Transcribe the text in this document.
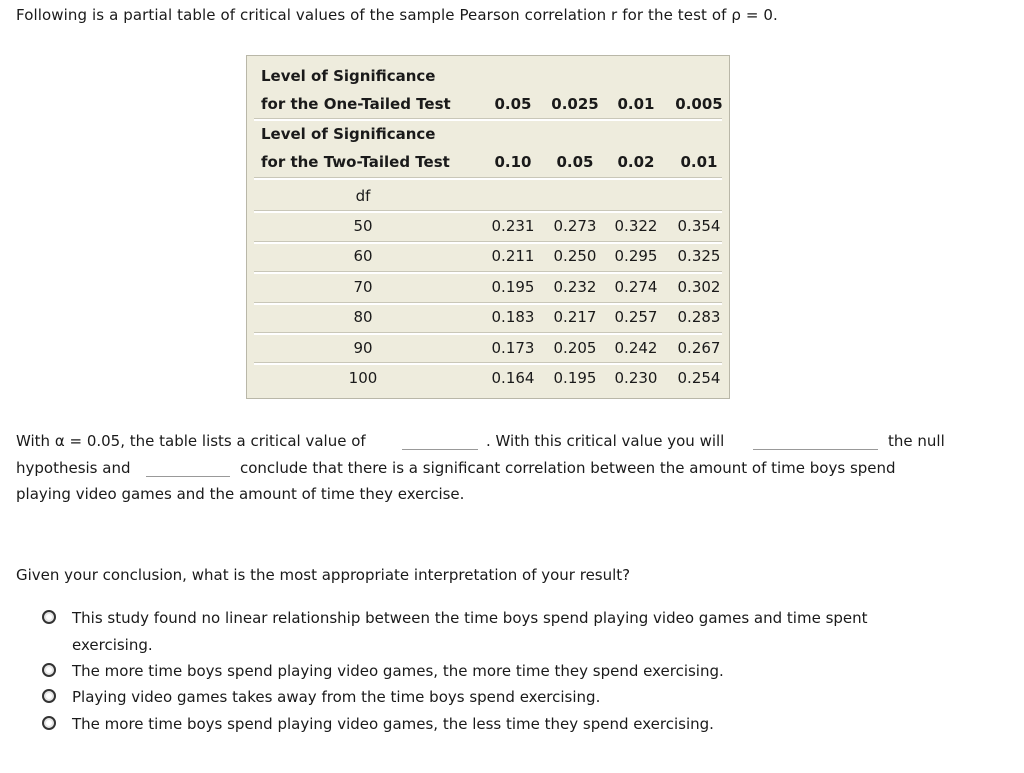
Following is a partial table of critical values of the sample Pearson correlation r for the test of ρ = 0.
Level of Significance
for the One-Tailed Test	0.05	0.025	0.01	0.005
Level of Significance
for the Two-Tailed Test	0.10	0.05	0.02	0.01
df
50	0.231	0.273	0.322	0.354
60	0.211	0.250	0.295	0.325
70	0.195	0.232	0.274	0.302
80	0.183	0.217	0.257	0.283
90	0.173	0.205	0.242	0.267
100	0.164	0.195	0.230	0.254
With α = 0.05, the table lists a critical value of	. With this critical value you will	the null
hypothesis and	conclude that there is a significant correlation between the amount of time boys spend
playing video games and the amount of time they exercise.
Given your conclusion, what is the most appropriate interpretation of your result?
This study found no linear relationship between the time boys spend playing video games and time spent exercising.
The more time boys spend playing video games, the more time they spend exercising.
Playing video games takes away from the time boys spend exercising.
The more time boys spend playing video games, the less time they spend exercising.
